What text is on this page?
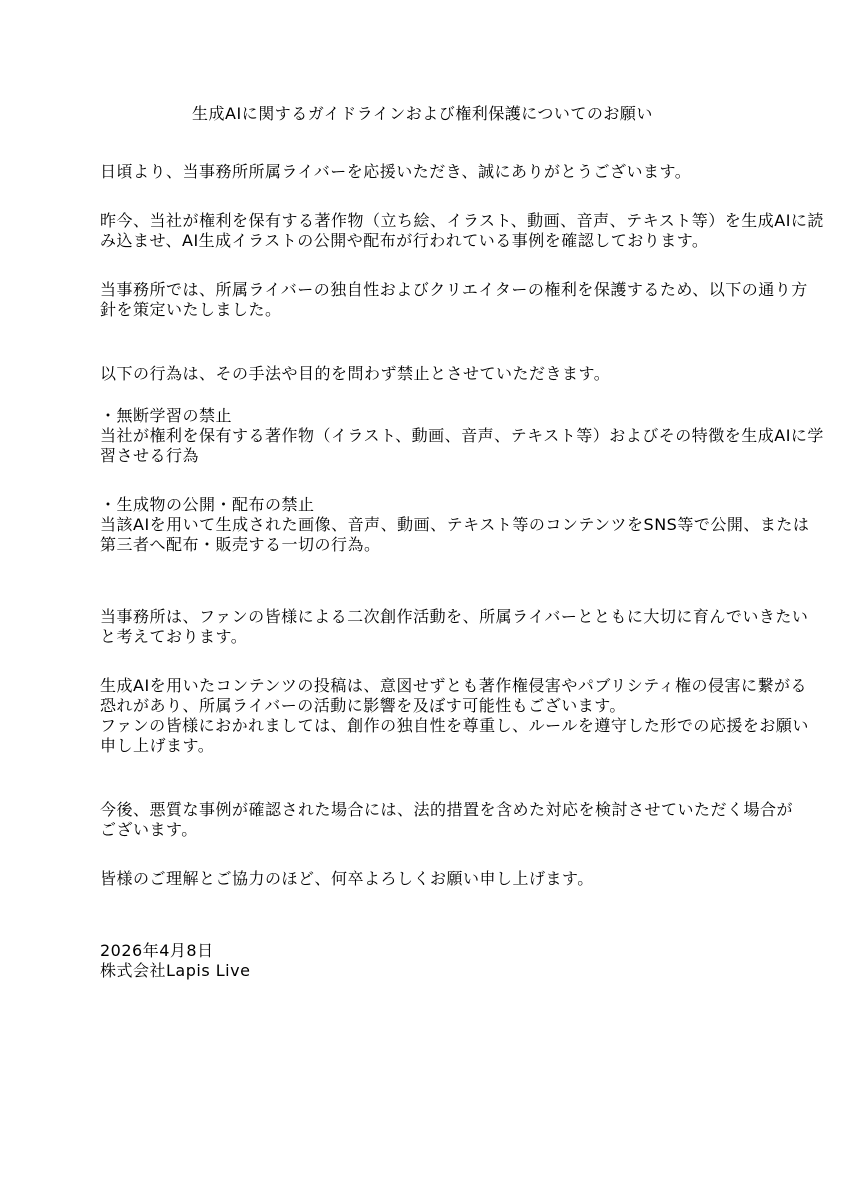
生成AIに関するガイドラインおよび権利保護についてのお願い
日頃より、当事務所所属ライバーを応援いただき、誠にありがとうございます。
昨今、当社が権利を保有する著作物（立ち絵、イラスト、動画、音声、テキスト等）を生成AIに読
み込ませ、AI生成イラストの公開や配布が行われている事例を確認しております。
当事務所では、所属ライバーの独自性およびクリエイターの権利を保護するため、以下の通り方
針を策定いたしました。
以下の行為は、その手法や目的を問わず禁止とさせていただきます。
・無断学習の禁止
当社が権利を保有する著作物（イラスト、動画、音声、テキスト等）およびその特徴を生成AIに学
習させる行為
・生成物の公開・配布の禁止
当該AIを用いて生成された画像、音声、動画、テキスト等のコンテンツをSNS等で公開、または
第三者へ配布・販売する一切の行為。
当事務所は、ファンの皆様による二次創作活動を、所属ライバーとともに大切に育んでいきたい
と考えております。
生成AIを用いたコンテンツの投稿は、意図せずとも著作権侵害やパブリシティ権の侵害に繋がる
恐れがあり、所属ライバーの活動に影響を及ぼす可能性もございます。
ファンの皆様におかれましては、創作の独自性を尊重し、ルールを遵守した形での応援をお願い
申し上げます。
今後、悪質な事例が確認された場合には、法的措置を含めた対応を検討させていただく場合が
ございます。
皆様のご理解とご協力のほど、何卒よろしくお願い申し上げます。
2026年4月8日
株式会社Lapis Live
